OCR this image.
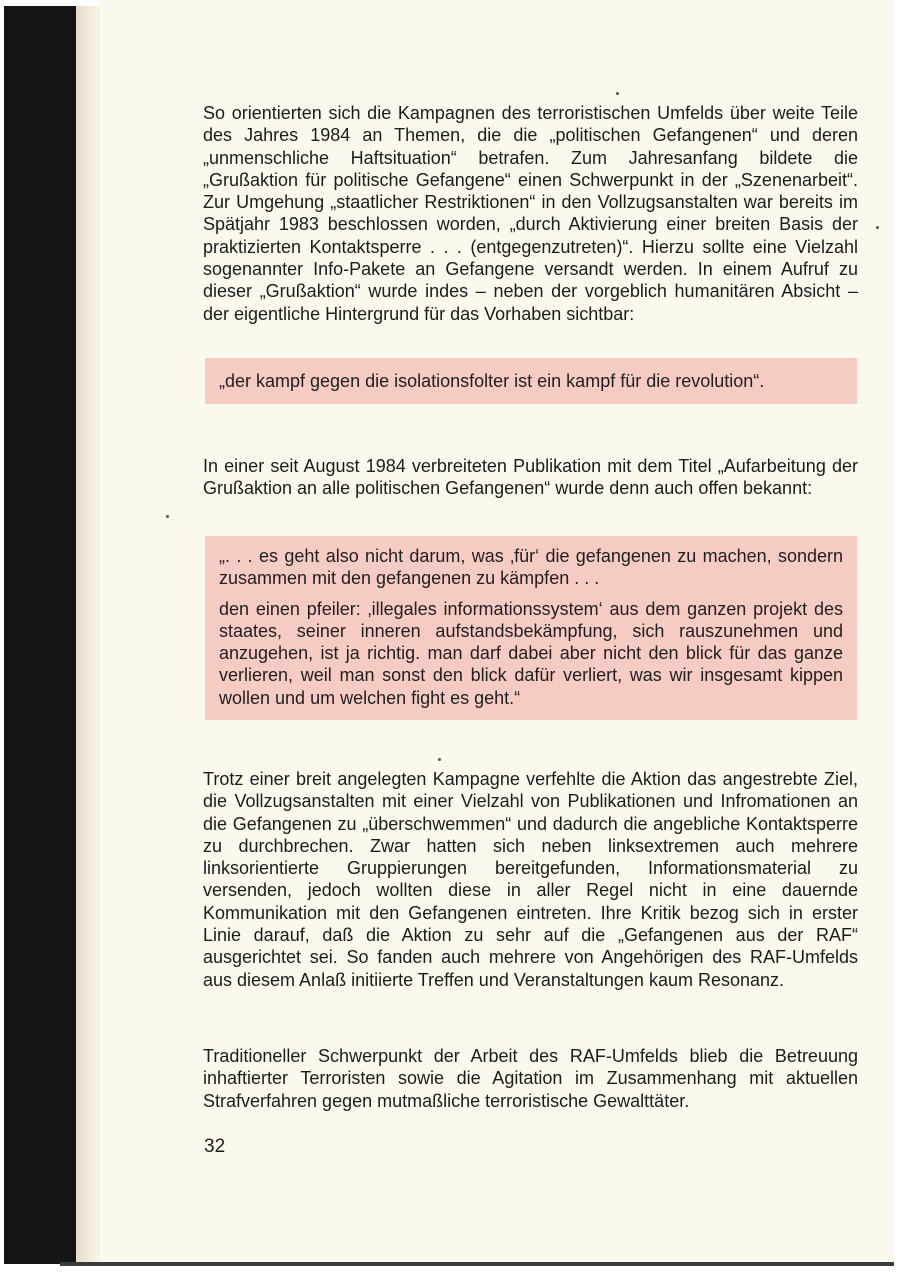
So orientierten sich die Kampagnen des terroristischen Umfelds über weite Teile des Jahres 1984 an Themen, die die „politischen Gefangenen“ und deren „unmenschliche Haftsituation“ betrafen. Zum Jahresanfang bildete die „Grußaktion für politische Gefangene“ einen Schwerpunkt in der „Szenenarbeit“. Zur Umgehung „staatlicher Restriktionen“ in den Vollzugsanstalten war bereits im Spätjahr 1983 beschlossen worden, „durch Aktivierung einer breiten Basis der praktizierten Kontaktsperre . . . (entgegenzutreten)“. Hierzu sollte eine Vielzahl sogenannter Info-Pakete an Gefangene versandt werden. In einem Aufruf zu dieser „Grußaktion“ wurde indes – neben der vorgeblich humanitären Absicht – der eigentliche Hintergrund für das Vorhaben sichtbar:

„der kampf gegen die isolationsfolter ist ein kampf für die revolution“.

In einer seit August 1984 verbreiteten Publikation mit dem Titel „Aufarbeitung der Grußaktion an alle politischen Gefangenen“ wurde denn auch offen bekannt:

„. . . es geht also nicht darum, was ‚für‘ die gefangenen zu machen, sondern zusammen mit den gefangenen zu kämpfen . . .

den einen pfeiler: ‚illegales informationssystem‘ aus dem ganzen projekt des staates, seiner inneren aufstandsbekämpfung, sich rauszunehmen und anzugehen, ist ja richtig. man darf dabei aber nicht den blick für das ganze verlieren, weil man sonst den blick dafür verliert, was wir insgesamt kippen wollen und um welchen fight es geht.“

Trotz einer breit angelegten Kampagne verfehlte die Aktion das angestrebte Ziel, die Vollzugsanstalten mit einer Vielzahl von Publikationen und Infromationen an die Gefangenen zu „überschwemmen“ und dadurch die angebliche Kontaktsperre zu durchbrechen. Zwar hatten sich neben linksextremen auch mehrere linksorientierte Gruppierungen bereitgefunden, Informationsmaterial zu versenden, jedoch wollten diese in aller Regel nicht in eine dauernde Kommunikation mit den Gefangenen eintreten. Ihre Kritik bezog sich in erster Linie darauf, daß die Aktion zu sehr auf die „Gefangenen aus der RAF“ ausgerichtet sei. So fanden auch mehrere von Angehörigen des RAF-Umfelds aus diesem Anlaß initiierte Treffen und Veranstaltungen kaum Resonanz.

Traditioneller Schwerpunkt der Arbeit des RAF-Umfelds blieb die Betreuung inhaftierter Terroristen sowie die Agitation im Zusammenhang mit aktuellen Strafverfahren gegen mutmaßliche terroristische Gewalttäter.

32
